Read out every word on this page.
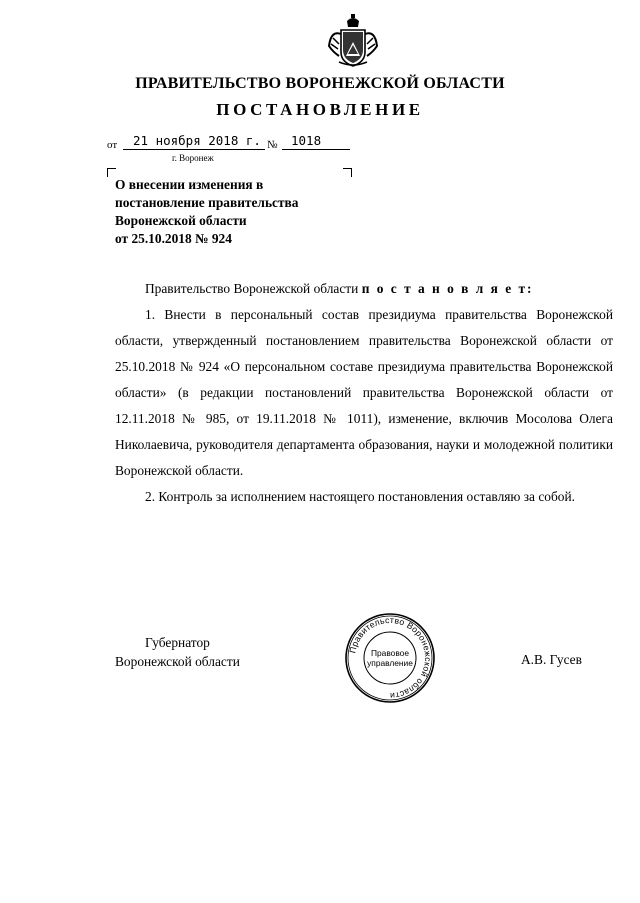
ПРАВИТЕЛЬСТВО ВОРОНЕЖСКОЙ ОБЛАСТИ
ПОСТАНОВЛЕНИЕ
от 21 ноября 2018 г. № 1018
г. Воронеж
О внесении изменения в
постановление правительства
Воронежской области
от 25.10.2018 № 924

Правительство Воронежской области п о с т а н о в л я е т:

1. Внести в персональный состав президиума правительства Воронежской области, утвержденный постановлением правительства Воронежской области от 25.10.2018 № 924 «О персональном составе президиума правительства Воронежской области» (в редакции постановлений правительства Воронежской области от 12.11.2018 № 985, от 19.11.2018 № 1011), изменение, включив Мосолова Олега Николаевича, руководителя департамента образования, науки и молодежной политики Воронежской области.

2. Контроль за исполнением настоящего постановления оставляю за собой.

Губернатор
Воронежской области	А.В. Гусев
Правительство Воронежской области
Правовое
управление
